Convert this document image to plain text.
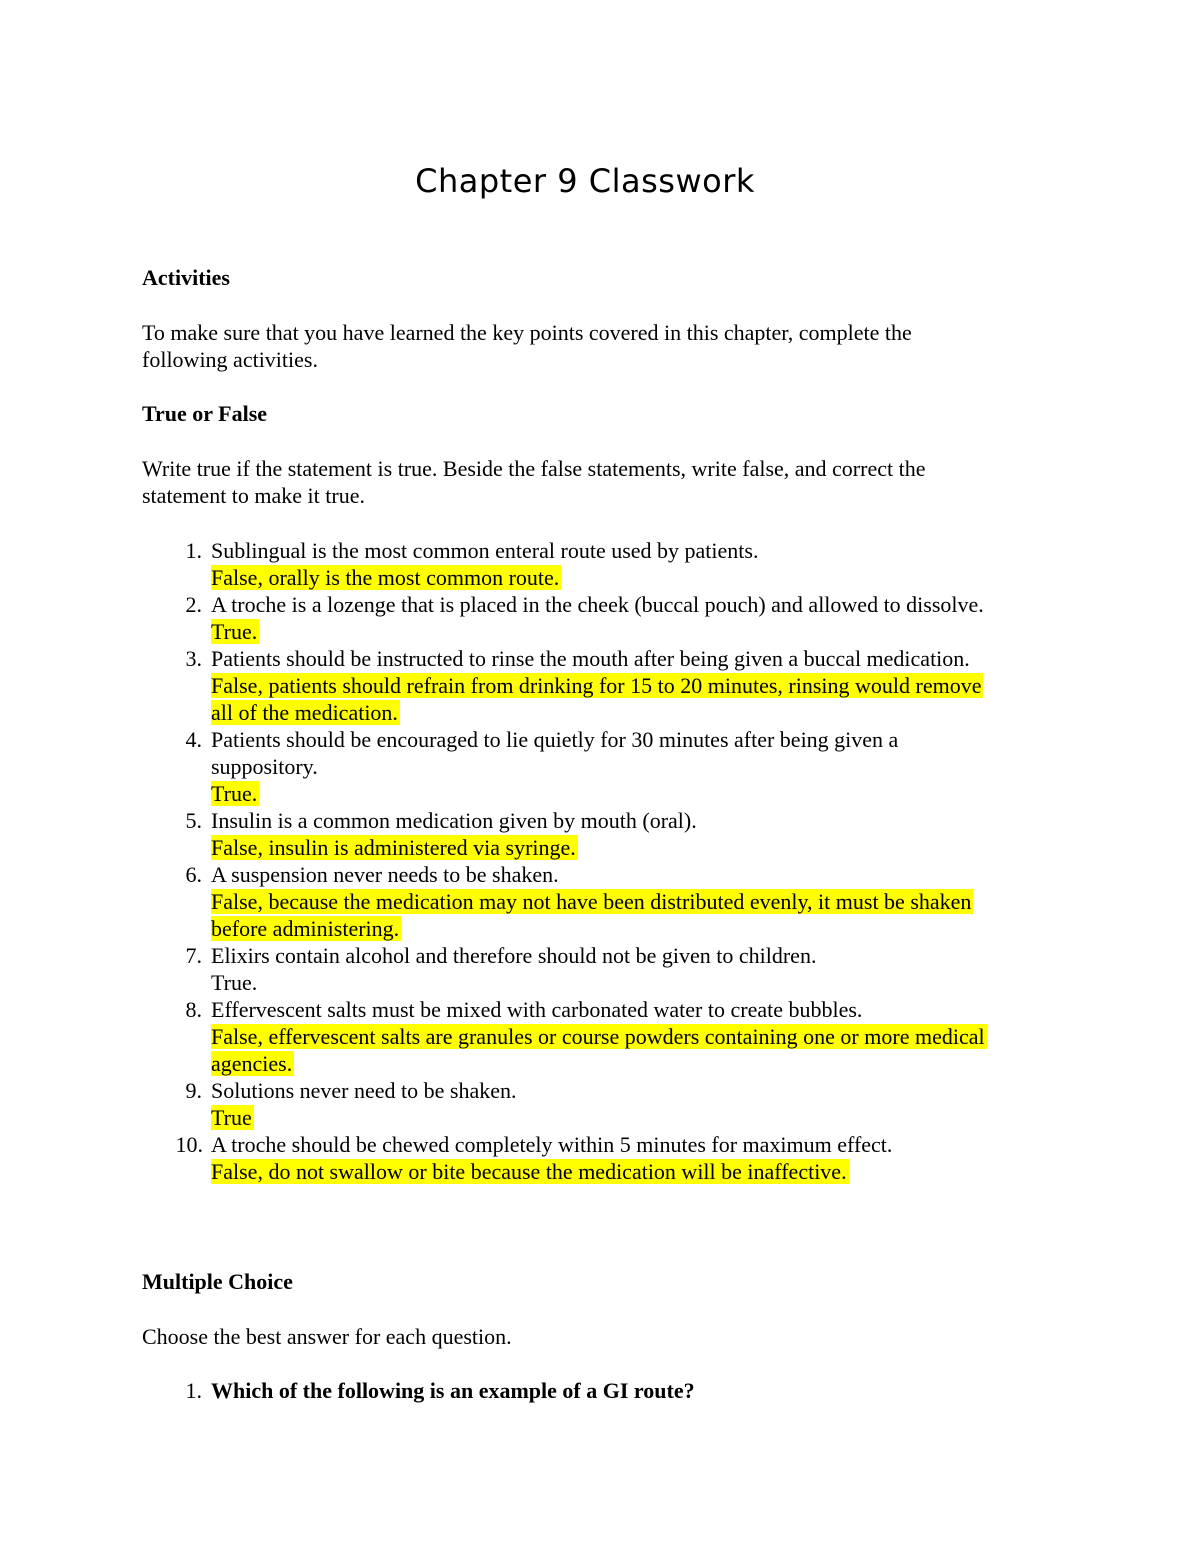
Chapter 9 Classwork
Activities
To make sure that you have learned the key points covered in this chapter, complete the
following activities.
True or False
Write true if the statement is true. Beside the false statements, write false, and correct the
statement to make it true.
1. Sublingual is the most common enteral route used by patients.
False, orally is the most common route.
2. A troche is a lozenge that is placed in the cheek (buccal pouch) and allowed to dissolve.
True.
3. Patients should be instructed to rinse the mouth after being given a buccal medication.
False, patients should refrain from drinking for 15 to 20 minutes, rinsing would remove
all of the medication.
4. Patients should be encouraged to lie quietly for 30 minutes after being given a
suppository.
True.
5. Insulin is a common medication given by mouth (oral).
False, insulin is administered via syringe.
6. A suspension never needs to be shaken.
False, because the medication may not have been distributed evenly, it must be shaken
before administering.
7. Elixirs contain alcohol and therefore should not be given to children.
True.
8. Effervescent salts must be mixed with carbonated water to create bubbles.
False, effervescent salts are granules or course powders containing one or more medical
agencies.
9. Solutions never need to be shaken.
True
10. A troche should be chewed completely within 5 minutes for maximum effect.
False, do not swallow or bite because the medication will be inaffective.
Multiple Choice
Choose the best answer for each question.
1. Which of the following is an example of a GI route?
